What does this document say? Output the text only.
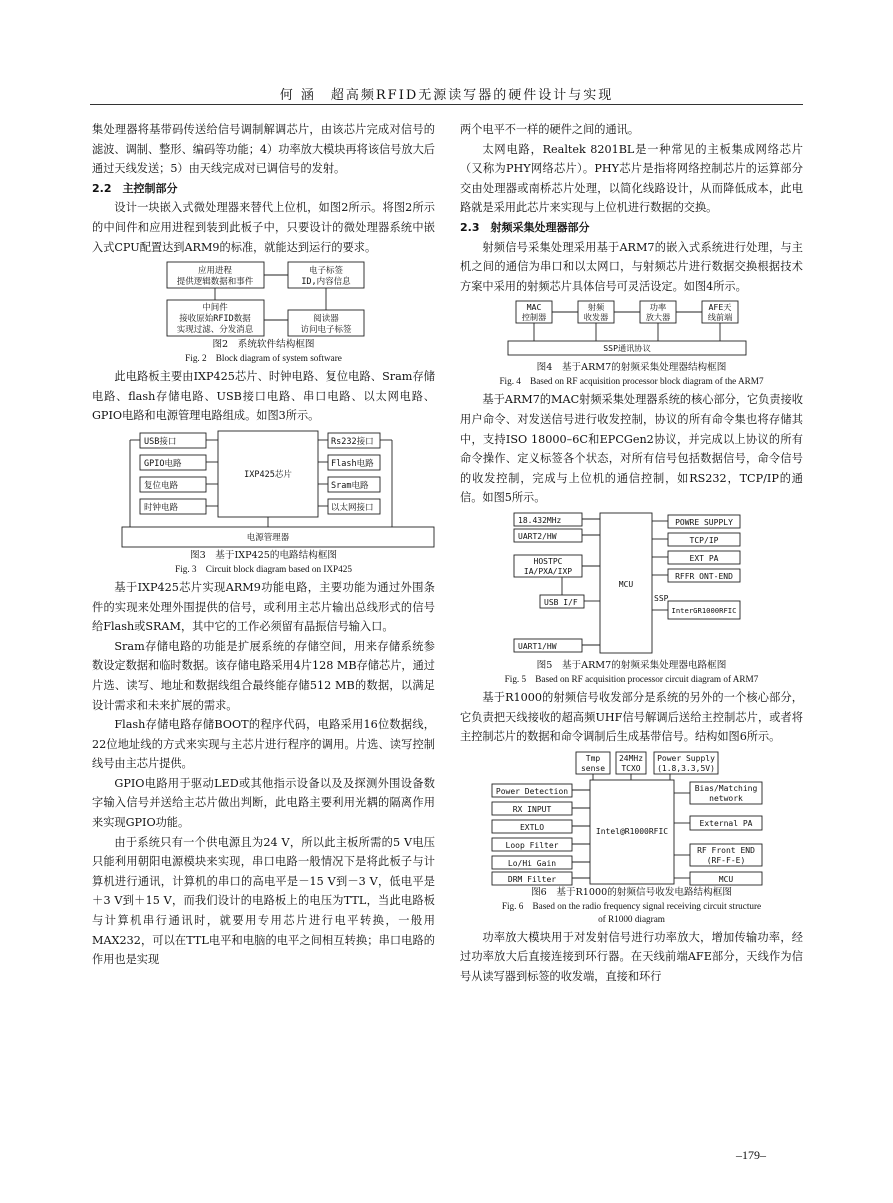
何 涵　超高频RFID无源读写器的硬件设计与实现

集处理器将基带码传送给信号调制解调芯片，由该芯片完成对信号的滤波、调制、整形、编码等功能；4）功率放大模块再将该信号放大后通过天线发送；5）由天线完成对已调信号的发射。

2.2　主控制部分

设计一块嵌入式微处理器来替代上位机，如图2所示。将图2所示的中间件和应用进程到装到此板子中，只要设计的微处理器系统中嵌入式CPU配置达到ARM9的标准，就能达到运行的要求。

应用进程
提供逻辑数据和事件
电子标签
ID,内容信息
中间件
接收原始RFID数据
实现过滤、分发消息
阅读器
访问电子标签
图2　系统软件结构框图
Fig. 2　Block diagram of system software

此电路板主要由IXP425芯片、时钟电路、复位电路、Sram存储电路、flash存储电路、USB接口电路、串口电路、以太网电路、GPIO电路和电源管理电路组成。如图3所示。

USB接口
GPIO电路
复位电路
时钟电路
IXP425芯片
Rs232接口
Flash电路
Sram电路
以太网接口
电源管理器
图3　基于IXP425的电路结构框图
Fig. 3　Circuit block diagram based on IXP425

基于IXP425芯片实现ARM9功能电路，主要功能为通过外围条件的实现来处理外围提供的信号，或利用主芯片输出总线形式的信号给Flash或SRAM，其中它的工作必须留有晶振信号输入口。

Sram存储电路的功能是扩展系统的存储空间，用来存储系统参数设定数据和临时数据。该存储电路采用4片128 MB存储芯片，通过片选、读写、地址和数据线组合最终能存储512 MB的数据，以满足设计需求和未来扩展的需求。

Flash存储电路存储BOOT的程序代码，电路采用16位数据线，22位地址线的方式来实现与主芯片进行程序的调用。片选、读写控制线号由主芯片提供。

GPIO电路用于驱动LED或其他指示设备以及及探测外围设备数字输入信号并送给主芯片做出判断，此电路主要利用光耦的隔离作用来实现GPIO功能。

由于系统只有一个供电源且为24 V，所以此主板所需的5 V电压只能利用朝阳电源模块来实现，串口电路一般情况下是将此板子与计算机进行通讯，计算机的串口的高电平是－15 V到－3 V，低电平是＋3 V到＋15 V，而我们设计的电路板上的电压为TTL，当此电路板与计算机串行通讯时，就要用专用芯片进行电平转换，一般用MAX232，可以在TTL电平和电脑的电平之间相互转换；串口电路的作用也是实现

两个电平不一样的硬件之间的通讯。

太网电路，Realtek 8201BL是一种常见的主板集成网络芯片（又称为PHY网络芯片）。PHY芯片是指将网络控制芯片的运算部分交由处理器或南桥芯片处理，以简化线路设计，从而降低成本，此电路就是采用此芯片来实现与上位机进行数据的交换。

2.3　射频采集处理器部分

射频信号采集处理采用基于ARM7的嵌入式系统进行处理，与主机之间的通信为串口和以太网口，与射频芯片进行数据交换根据技术方案中采用的射频芯片具体信号可灵活设定。如图4所示。

MAC
控制器
射频
收发器
功率
放大器
AFE天
线前端
SSP通讯协议
图4　基于ARM7的射频采集处理器结构框图
Fig. 4　Based on RF acquisition processor block diagram of the ARM7

基于ARM7的MAC射频采集处理器系统的核心部分，它负责接收用户命令、对发送信号进行收发控制，协议的所有命令集也将存储其中，支持ISO 18000–6C和EPCGen2协议，并完成以上协议的所有命令操作、定义标签各个状态，对所有信号包括数据信号，命令信号的收发控制，完成与上位机的通信控制，如RS232，TCP/IP的通信。如图5所示。

18.432MHz
UART2/HW
HOSTPC
IA/PXA/IXP
USB I/F
UART1/HW
MCU
POWRE SUPPLY
TCP/IP
EXT PA
RFFR ONT-END
SSP
InterGR1000RFIC
图5　基于ARM7的射频采集处理器电路框图
Fig. 5　Based on RF acquisition processor circuit diagram of ARM7

基于R1000的射频信号收发部分是系统的另外的一个核心部分，它负责把天线接收的超高频UHF信号解调后送给主控制芯片，或者将主控制芯片的数据和命令调制后生成基带信号。结构如图6所示。

Tmp
sense
24MHz
TCXO
Power Supply
(1.8,3.3,5V)
Power Detection
RX INPUT
EXTLO
Loop Filter
Lo/Hi Gain
DRM Filter
Intel@R1000RFIC
Bias/Matching
network
External PA
RF Front END
(RF-F-E)
MCU
图6　基于R1000的射频信号收发电路结构框图
Fig. 6　Based on the radio frequency signal receiving circuit structure
of R1000 diagram

功率放大模块用于对发射信号进行功率放大，增加传输功率，经过功率放大后直接连接到环行器。在天线前端AFE部分，天线作为信号从读写器到标签的收发端，直接和环行

–179–
